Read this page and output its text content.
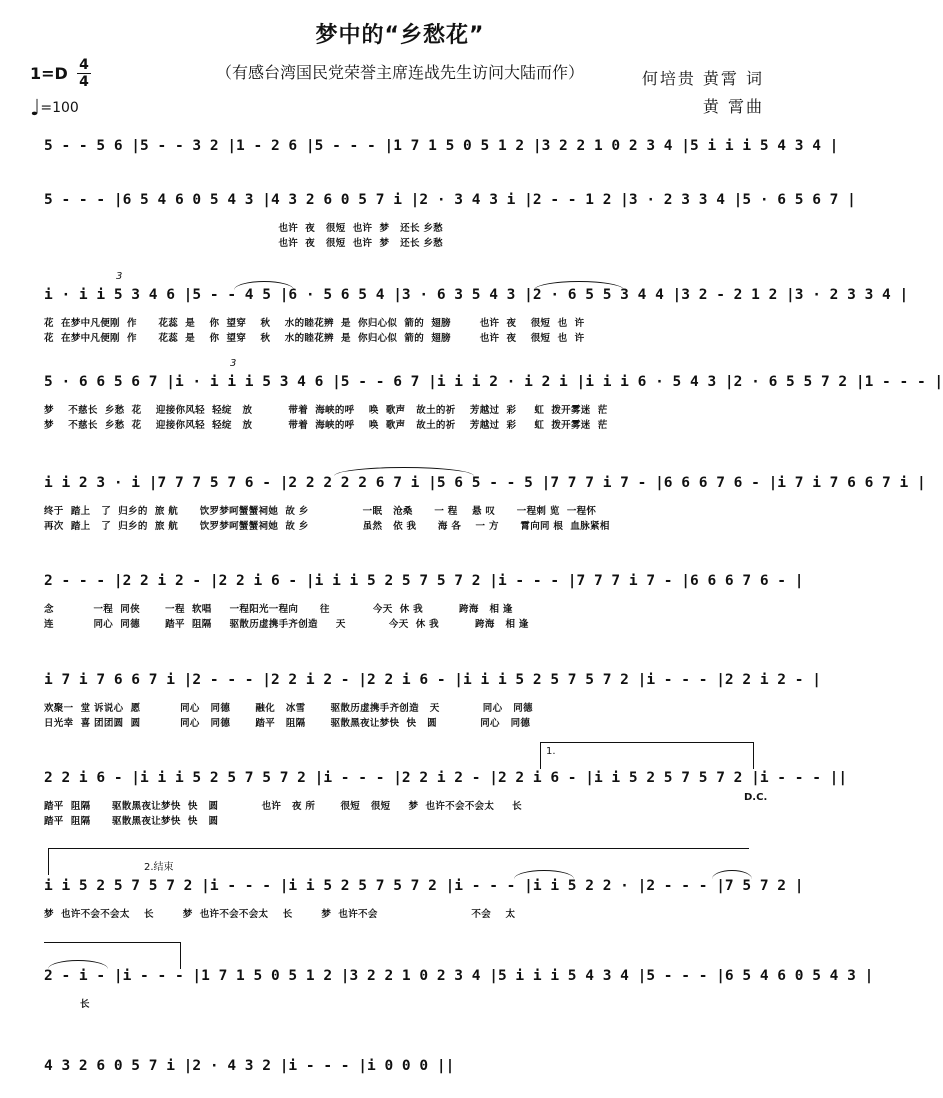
梦中的“乡愁花”
（有感台湾国民党荣誉主席连战先生访问大陆而作）
1=D 4
4
♩=100
何培贵 黄霄 词
黄 霄曲
5 - - 5 6 |5 - - 3 2 |1 - 2 6 |5 - - - |1 7 1 5 0 5 1 2 |3 2 2 1 0 2 3 4 |5 i i i 5 4 3 4 |
5 - - - |6 5 4 6 0 5 4 3 |4 3 2 6 0 5 7 i |2 · 3 4 3 i |2 - - 1 2 |3 · 2 3 3 4 |5 · 6 5 6 7 |
也许  夜   很短  也许  梦   还长 乡愁
也许  夜   很短  也许  梦   还长 乡愁
3
i · i i 5 3 4 6 |5 - - 4 5 |6 · 5 6 5 4 |3 · 6 3 5 4 3 |2 · 6 5 5 3 4 4 |3 2 - 2 1 2 |3 · 2 3 3 4 |
花  在梦中凡便刚  作      花蕊  是    你  望穿    秋    水的睦花辨  是  你归心似  箭的  翅膀        也许  夜    很短  也  许
花  在梦中凡便刚  作      花蕊  是    你  望穿    秋    水的睦花辨  是  你归心似  箭的  翅膀        也许  夜    很短  也  许
3
5 · 6 6 5 6 7 |i · i i i 5 3 4 6 |5 - - 6 7 |i i i 2 · i 2 i |i i i 6 · 5 4 3 |2 · 6 5 5 7 2 |1 - - - |
梦    不慈长  乡愁  花    迎接你风轻  轻绽   放          带着  海峡的呼    唤  歌声   故土的祈    芳越过  彩     虹  拨开雾迷  茫
梦    不慈长  乡愁  花    迎接你风轻  轻绽   放          带着  海峡的呼    唤  歌声   故土的祈    芳越过  彩     虹  拨开雾迷  茫
i i 2 3 · i |7 7 7 5 7 6 - |2 2 2 2 2 6 7 i |5 6 5 - - 5 |7 7 7 i 7 - |6 6 6 7 6 - |i 7 i 7 6 6 7 i |
终于  踏上   了  归乡的  旅 航      饮罗梦呵蟹蟹祠她  故 乡               一眠   沧桑      一 程    悬 叹      一程刺 览  一程怀
再次  踏上   了  归乡的  旅 航      饮罗梦呵蟹蟹祠她  故 乡               虽然   依 我      海 各    一 方      霄向同 根  血脉紧相
2 - - - |2 2 i 2 - |2 2 i 6 - |i i i 5 2 5 7 5 7 2 |i - - - |7 7 7 i 7 - |6 6 6 7 6 - |
念           一程  同侠       一程  软唱     一程阳光一程向      往            今天  休 我          跨海   相 逢
连           同心  同德       踏平  阻隔     驱散历虚携手齐创造     天            今天  休 我          跨海   相 逢
i 7 i 7 6 6 7 i |2 - - - |2 2 i 2 - |2 2 i 6 - |i i i 5 2 5 7 5 7 2 |i - - - |2 2 i 2 - |
欢聚一  堂 诉说心  愿           同心   同德       融化   冰雪       驱散历虚携手齐创造   天            同心   同德
日光幸  喜 团团圆  圆           同心   同德       踏平   阻隔       驱散黑夜让梦快  快   圆            同心   同德
1.
2 2 i 6 - |i i i 5 2 5 7 5 7 2 |i - - - |2 2 i 2 - |2 2 i 6 - |i i 5 2 5 7 5 7 2 |i - - - ||
D.C.
踏平  阻隔      驱散黑夜让梦快  快   圆            也许   夜 所       很短   很短     梦  也许不会不会太     长
踏平  阻隔      驱散黑夜让梦快  快   圆
2.结束
i i 5 2 5 7 5 7 2 |i - - - |i i 5 2 5 7 5 7 2 |i - - - |i i 5 2 2 · |2 - - - |7 5 7 2 |
梦  也许不会不会太    长        梦  也许不会不会太    长        梦  也许不会                          不会    太
2 - i - |i - - - |1 7 1 5 0 5 1 2 |3 2 2 1 0 2 3 4 |5 i i i 5 4 3 4 |5 - - - |6 5 4 6 0 5 4 3 |
长
4 3 2 6 0 5 7 i |2 · 4 3 2 |i - - - |i 0 0 0 ||
